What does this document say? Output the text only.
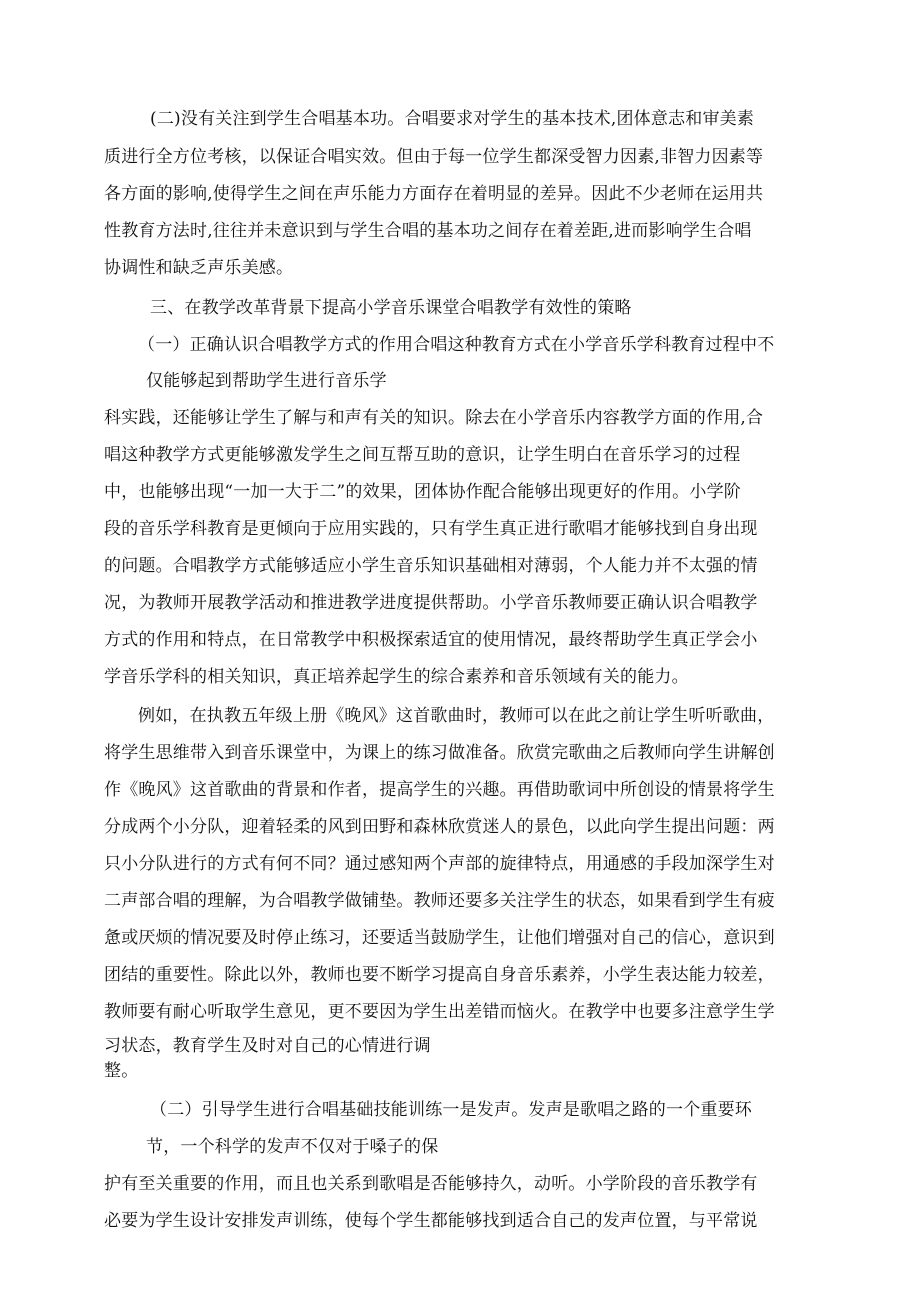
(二)没有关注到学生合唱基本功。合唱要求对学生的基本技术,团体意志和审美素
质进行全方位考核，以保证合唱实效。但由于每一位学生都深受智力因素,非智力因素等
各方面的影响,使得学生之间在声乐能力方面存在着明显的差异。因此不少老师在运用共
性教育方法时,往往并未意识到与学生合唱的基本功之间存在着差距,进而影响学生合唱
协调性和缺乏声乐美感。
三、在教学改革背景下提高小学音乐课堂合唱教学有效性的策略
（一）正确认识合唱教学方式的作用合唱这种教育方式在小学音乐学科教育过程中不
仅能够起到帮助学生进行音乐学
科实践，还能够让学生了解与和声有关的知识。除去在小学音乐内容教学方面的作用,合
唱这种教学方式更能够激发学生之间互帮互助的意识，让学生明白在音乐学习的过程
中，也能够出现“一加一大于二”的效果，团体协作配合能够出现更好的作用。小学阶
段的音乐学科教育是更倾向于应用实践的，只有学生真正进行歌唱才能够找到自身出现
的问题。合唱教学方式能够适应小学生音乐知识基础相对薄弱，个人能力并不太强的情
况，为教师开展教学活动和推进教学进度提供帮助。小学音乐教师要正确认识合唱教学
方式的作用和特点，在日常教学中积极探索适宜的使用情况，最终帮助学生真正学会小
学音乐学科的相关知识，真正培养起学生的综合素养和音乐领域有关的能力。
例如，在执教五年级上册《晚风》这首歌曲时，教师可以在此之前让学生听听歌曲，
将学生思维带入到音乐课堂中，为课上的练习做准备。欣赏完歌曲之后教师向学生讲解创
作《晚风》这首歌曲的背景和作者，提高学生的兴趣。再借助歌词中所创设的情景将学生
分成两个小分队，迎着轻柔的风到田野和森林欣赏迷人的景色，以此向学生提出问题：两
只小分队进行的方式有何不同？通过感知两个声部的旋律特点，用通感的手段加深学生对
二声部合唱的理解，为合唱教学做铺垫。教师还要多关注学生的状态，如果看到学生有疲
惫或厌烦的情况要及时停止练习，还要适当鼓励学生，让他们增强对自己的信心，意识到
团结的重要性。除此以外，教师也要不断学习提高自身音乐素养，小学生表达能力较差，
教师要有耐心听取学生意见，更不要因为学生出差错而恼火。在教学中也要多注意学生学
习状态，教育学生及时对自己的心情进行调
整。
（二）引导学生进行合唱基础技能训练一是发声。发声是歌唱之路的一个重要环
节，一个科学的发声不仅对于嗓子的保
护有至关重要的作用，而且也关系到歌唱是否能够持久，动听。小学阶段的音乐教学有
必要为学生设计安排发声训练，使每个学生都能够找到适合自己的发声位置，与平常说
